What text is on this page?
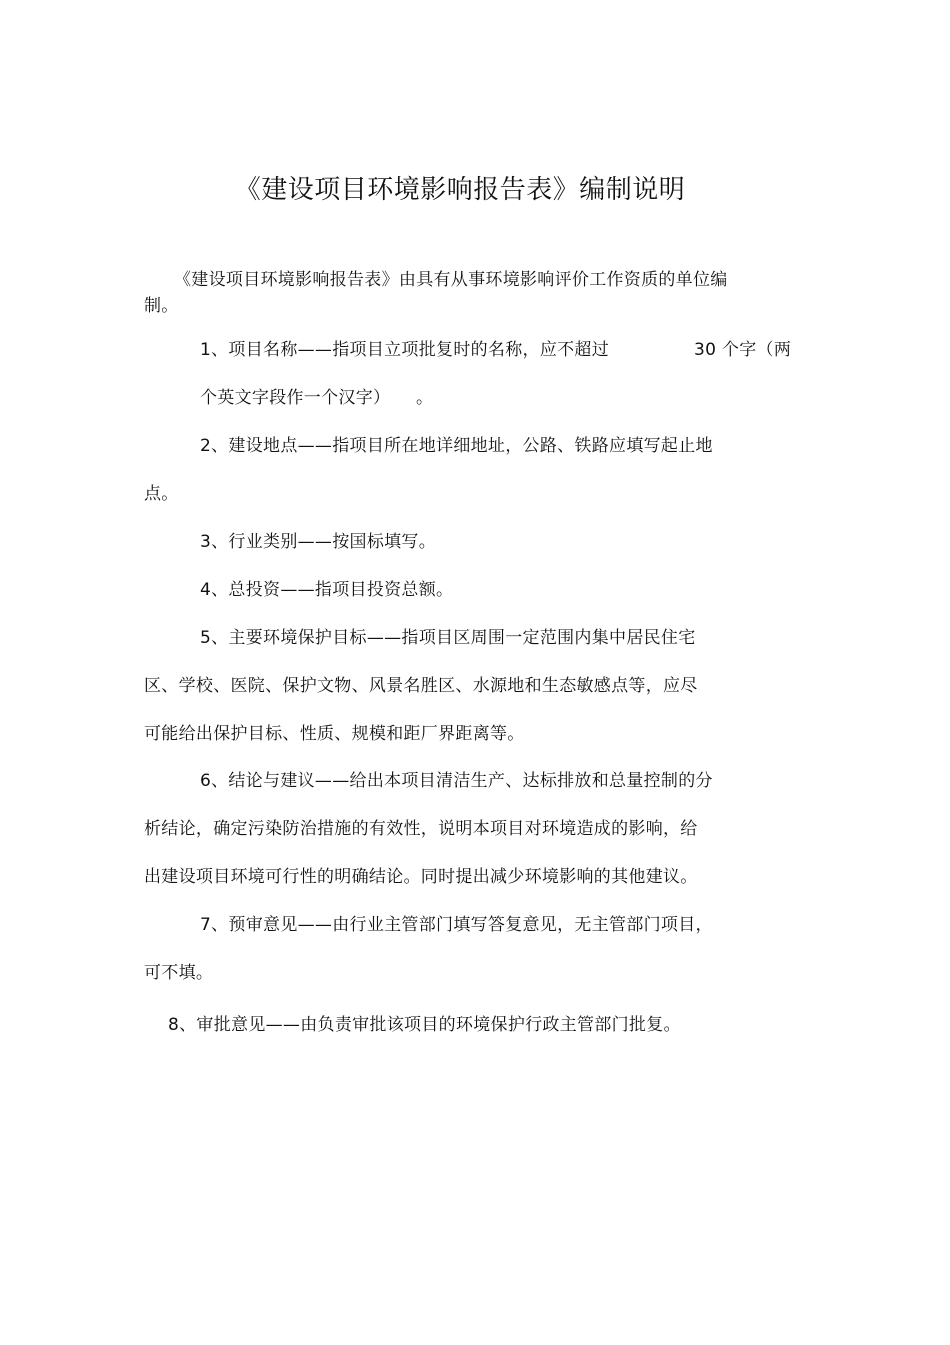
《建设项目环境影响报告表》编制说明
《建设项目环境影响报告表》由具有从事环境影响评价工作资质的单位编
制。
1、项目名称——指项目立项批复时的名称，应不超过	30 个字（两
个英文字段作一个汉字） 。
2、建设地点——指项目所在地详细地址，公路、铁路应填写起止地
点。
3、行业类别——按国标填写。
4、总投资——指项目投资总额。
5、主要环境保护目标——指项目区周围一定范围内集中居民住宅
区、学校、医院、保护文物、风景名胜区、水源地和生态敏感点等，应尽
可能给出保护目标、性质、规模和距厂界距离等。
6、结论与建议——给出本项目清洁生产、达标排放和总量控制的分
析结论，确定污染防治措施的有效性，说明本项目对环境造成的影响，给
出建设项目环境可行性的明确结论。同时提出减少环境影响的其他建议。
7、预审意见——由行业主管部门填写答复意见，无主管部门项目，
可不填。
8、审批意见——由负责审批该项目的环境保护行政主管部门批复。
